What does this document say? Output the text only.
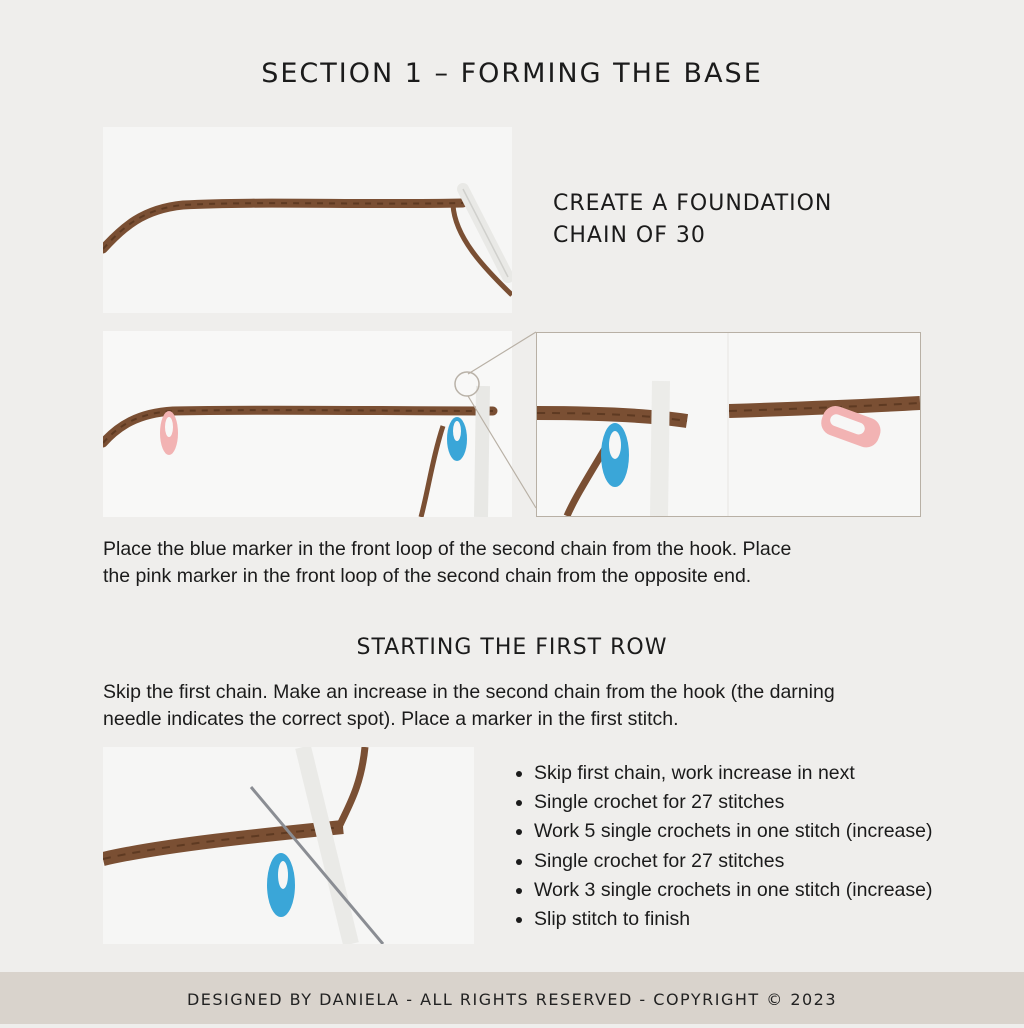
SECTION 1 – FORMING THE BASE
CREATE A FOUNDATION
CHAIN OF 30
Place the blue marker in the front loop of the second chain from the hook. Place
the pink marker in the front loop of the second chain from the opposite end.
STARTING THE FIRST ROW
Skip the first chain. Make an increase in the second chain from the hook (the darning
needle indicates the correct spot). Place a marker in the first stitch.
• Skip first chain, work increase in next
• Single crochet for 27 stitches
• Work 5 single crochets in one stitch (increase)
• Single crochet for 27 stitches
• Work 3 single crochets in one stitch (increase)
• Slip stitch to finish
DESIGNED BY DANIELA - ALL RIGHTS RESERVED - COPYRIGHT © 2023
